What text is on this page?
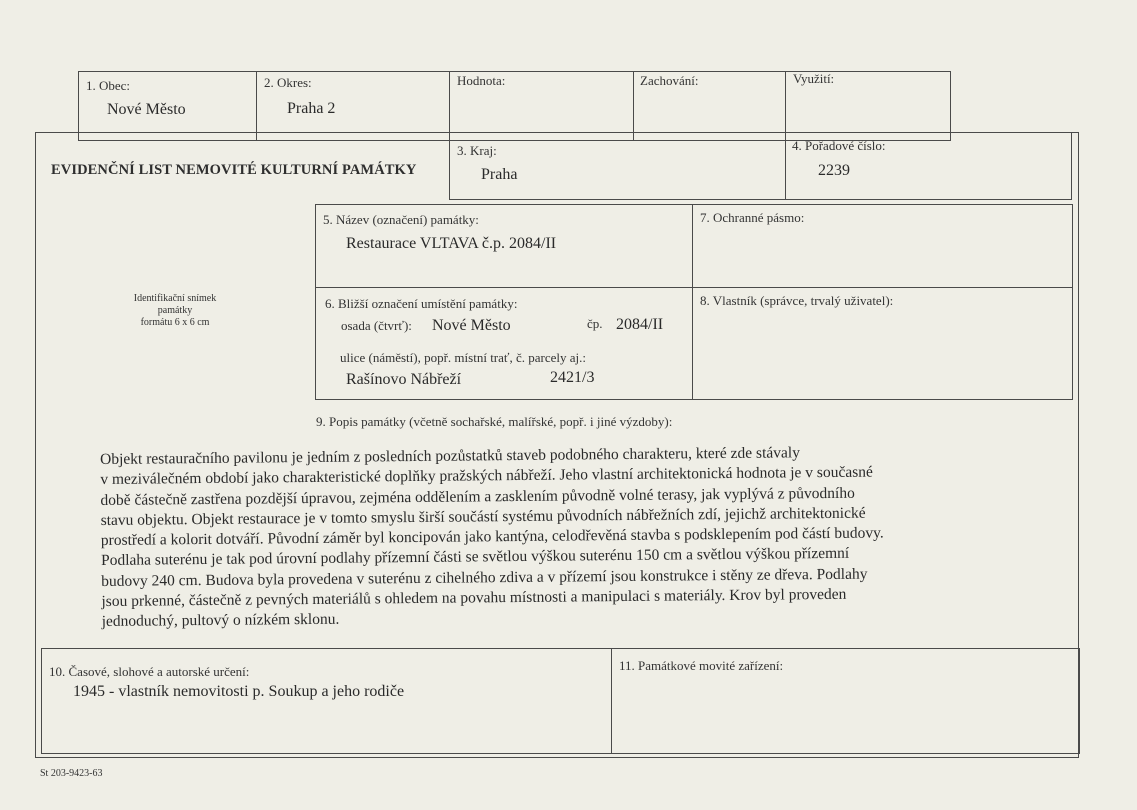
1. Obec:
Nové Město
2. Okres:
Praha 2
Hodnota:	Zachování:	Využití:
EVIDENČNÍ LIST NEMOVITÉ KULTURNÍ PAMÁTKY
3. Kraj:
Praha
4. Pořadové číslo:
2239
Identifikační snímek
památky
formátu 6 x 6 cm
5. Název (označení) památky:
Restaurace VLTAVA č.p. 2084/II
7. Ochranné pásmo:
6. Bližší označení umístění památky:
osada (čtvrť): Nové Město	čp. 2084/II
ulice (náměstí), popř. místní trať, č. parcely aj.:
Rašínovo Nábřeží	2421/3
8. Vlastník (správce, trvalý uživatel):
9. Popis památky (včetně sochařské, malířské, popř. i jiné výzdoby):
Objekt restauračního pavilonu je jedním z posledních pozůstatků staveb podobného charakteru, které zde stávaly
v meziválečném období jako charakteristické doplňky pražských nábřeží. Jeho vlastní architektonická hodnota je v současné
době částečně zastřena pozdější úpravou, zejména oddělením a zasklením původně volné terasy, jak vyplývá z původního
stavu objektu. Objekt restaurace je v tomto smyslu širší součástí systému původních nábřežních zdí, jejichž architektonické
prostředí a kolorit dotváří. Původní záměr byl koncipován jako kantýna, celodřevěná stavba s podsklepením pod částí budovy.
Podlaha suterénu je tak pod úrovní podlahy přízemní části se světlou výškou suterénu 150 cm a světlou výškou přízemní
budovy 240 cm. Budova byla provedena v suterénu z cihelného zdiva a v přízemí jsou konstrukce i stěny ze dřeva. Podlahy
jsou prkenné, částečně z pevných materiálů s ohledem na povahu místnosti a manipulaci s materiály. Krov byl proveden
jednoduchý, pultový o nízkém sklonu.
10. Časové, slohové a autorské určení:
1945 - vlastník nemovitosti p. Soukup a jeho rodiče
11. Památkové movité zařízení:
St 203-9423-63
